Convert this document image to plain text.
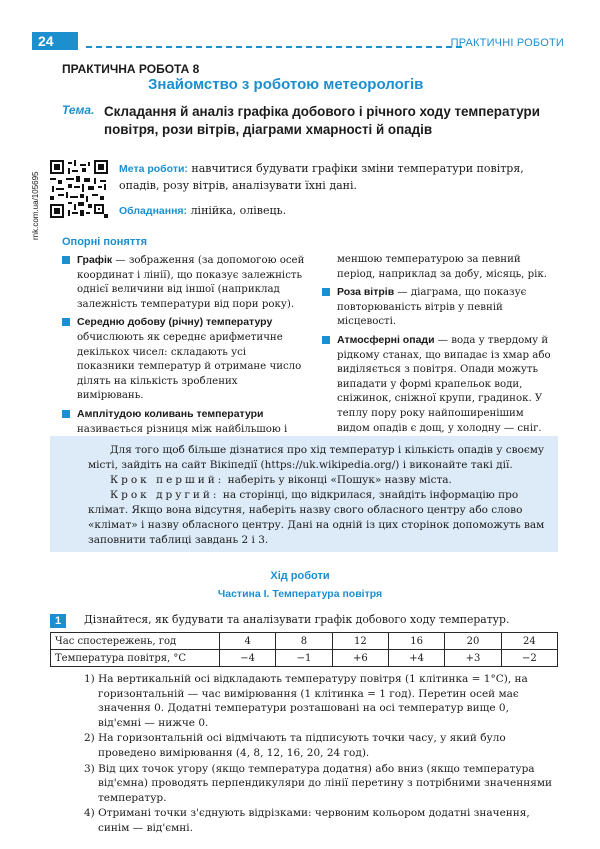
24	ПРАКТИЧНІ РОБОТИ
ПРАКТИЧНА РОБОТА 8
Знайомство з роботою метеорологів
Тема. Складання й аналіз графіка добового і річного ходу температури повітря, рози вітрів, діаграми хмарності й опадів
rnk.com.ua/105695
Мета роботи: навчитися будувати графіки зміни температури повітря, опадів, розу вітрів, аналізувати їхні дані.
Обладнання: лінійка, олівець.
Опорні поняття

Графік — зображення (за допомогою осей координат і лінії), що показує залежність однієї величини від іншої (наприклад залежність температури від пори року).

Середню добову (річну) температуру обчислюють як середнє арифметичне декількох чисел: складають усі показники температур й отримане число ділять на кількість зроблених вимірювань.

Амплітудою коливань температури називається різниця між найбільшою і

меншою температурою за певний період, наприклад за добу, місяць, рік.

Роза вітрів — діаграма, що показує повторюваність вітрів у певній місцевості.

Атмосферні опади — вода у твердому й рідкому станах, що випадає із хмар або виділяється з повітря. Опади можуть випадати у формі крапельок води, сніжинок, сніжної крупи, градинок. У теплу пору року найпоширенішим видом опадів є дощ, у холодну — сніг.

Для того щоб більше дізнатися про хід температур і кількість опадів у своєму місті, зайдіть на сайт Вікіпедії (https://uk.wikipedia.org/) і виконайте такі дії.

Крок перший: наберіть у віконці «Пошук» назву міста.

Крок другий: на сторінці, що відкрилася, знайдіть інформацію про клімат. Якщо вона відсутня, наберіть назву свого обласного центру або слово «клімат» і назву обласного центру. Дані на одній із цих сторінок допоможуть вам заповнити таблиці завдань 2 і 3.

Хід роботи
Частина І. Температура повітря
1	Дізнайтеся, як будувати та аналізувати графік добового ходу температур.
Час спостережень, год	4	8	12	16	20	24
Температура повітря, °С	−4	−1	+6	+4	+3	−2

1) На вертикальній осі відкладають температуру повітря (1 клітинка = 1°С), на горизонтальній — час вимірювання (1 клітинка = 1 год). Перетин осей має значення 0. Додатні температури розташовані на осі температур вище 0, від'ємні — нижче 0.

2) На горизонтальній осі відмічають та підписують точки часу, у який було проведено вимірювання (4, 8, 12, 16, 20, 24 год).

3) Від цих точок угору (якщо температура додатня) або вниз (якщо температура від'ємна) проводять перпендикуляри до лінії перетину з потрібними значеннями температур.

4) Отримані точки з'єднують відрізками: червоним кольором додатні значення, синім — від'ємні.
